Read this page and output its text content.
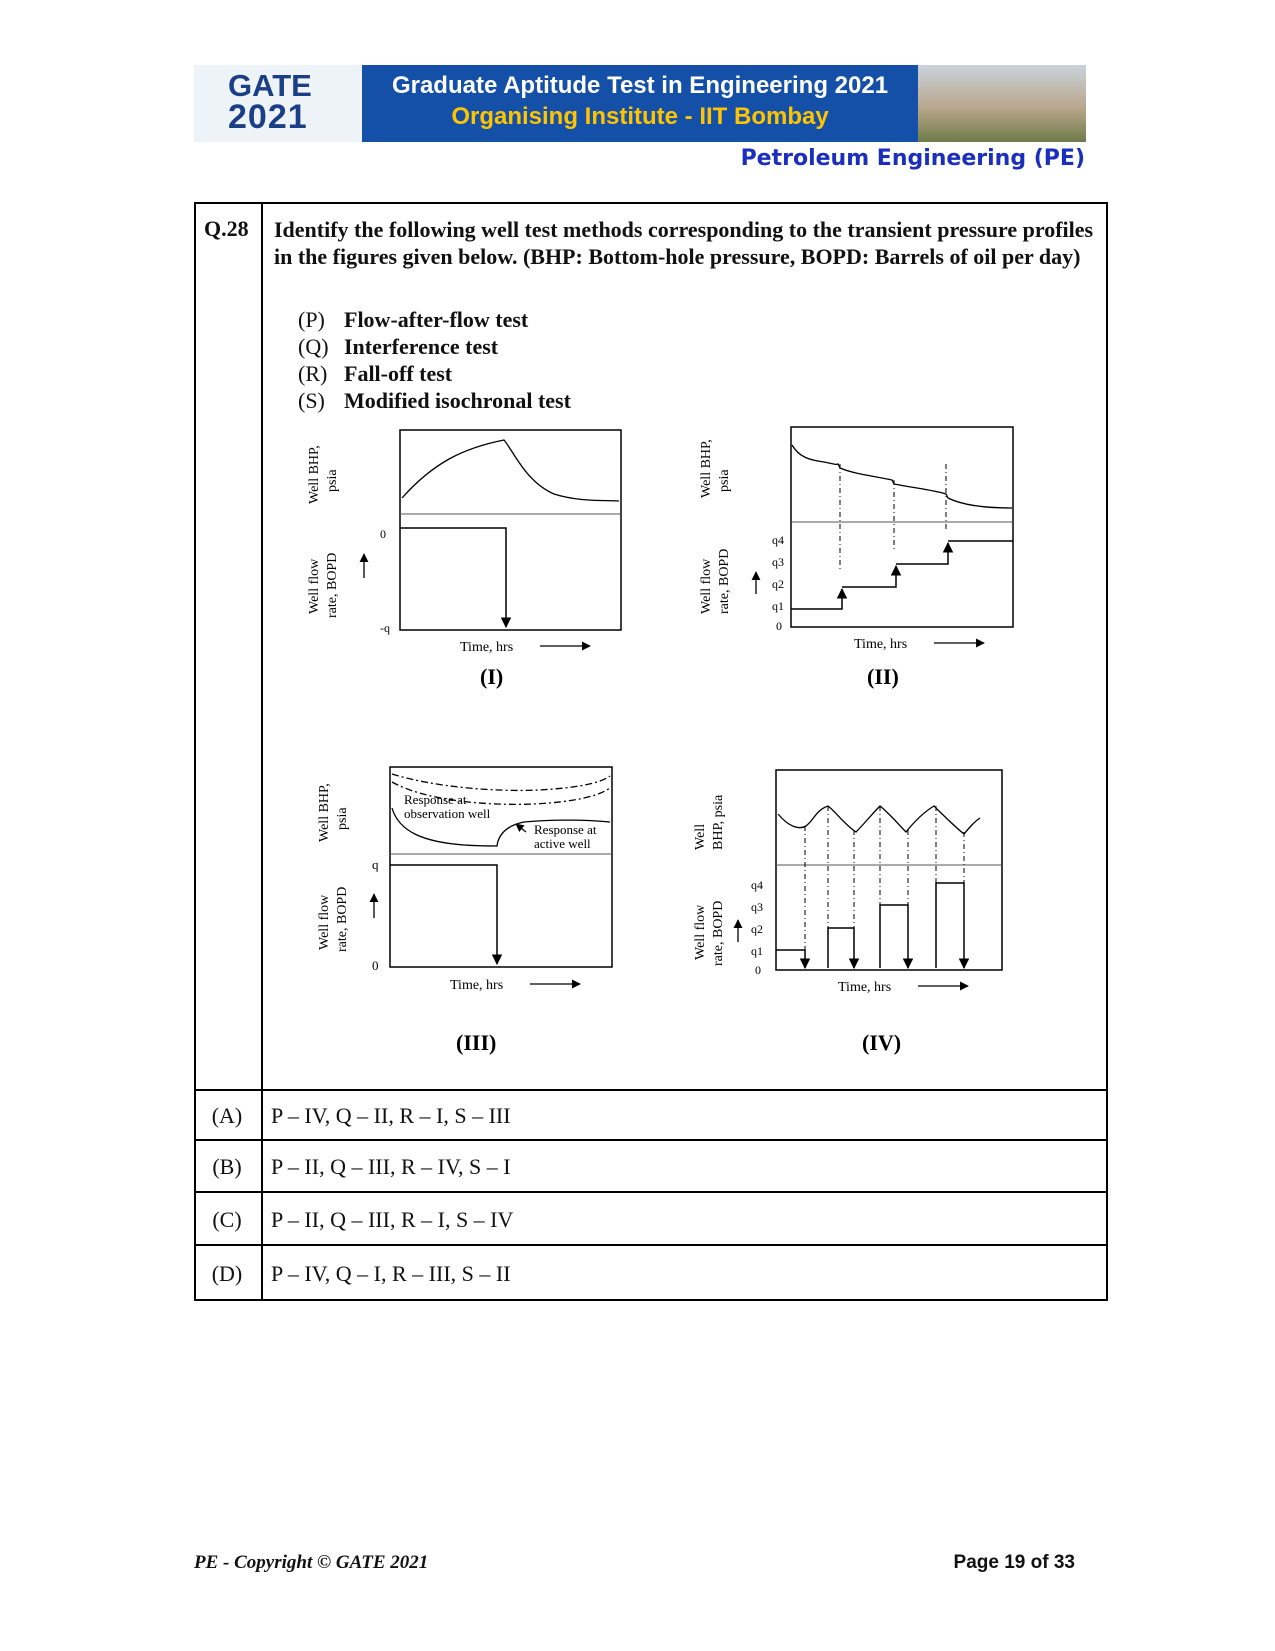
GATE
2021
Graduate Aptitude Test in Engineering 2021
Organising Institute - IIT Bombay
Petroleum Engineering (PE)
Q.28 Identify the following well test methods corresponding to the transient pressure profiles in the figures given below. (BHP: Bottom-hole pressure, BOPD: Barrels of oil per day)
(P) Flow-after-flow test
(Q) Interference test
(R) Fall-off test
(S) Modified isochronal test
Well BHP, psia
Well flow rate, BOPD
0
-q
Time, hrs
(I)
Well BHP, psia
Well flow rate, BOPD
q4
q3
q2
q1
0
Time, hrs
(II)
Response at
observation well
Response at
active well
Well BHP, psia
Well flow rate, BOPD
q
0
Time, hrs
(III)
Well BHP, psia
Well flow rate, BOPD
q4
q3
q2
q1
0
Time, hrs
(IV)
(A)	P – IV, Q – II, R – I, S – III
(B)	P – II, Q – III, R – IV, S – I
(C)	P – II, Q – III, R – I, S – IV
(D)	P – IV, Q – I, R – III, S – II
PE - Copyright © GATE 2021	Page 19 of 33
